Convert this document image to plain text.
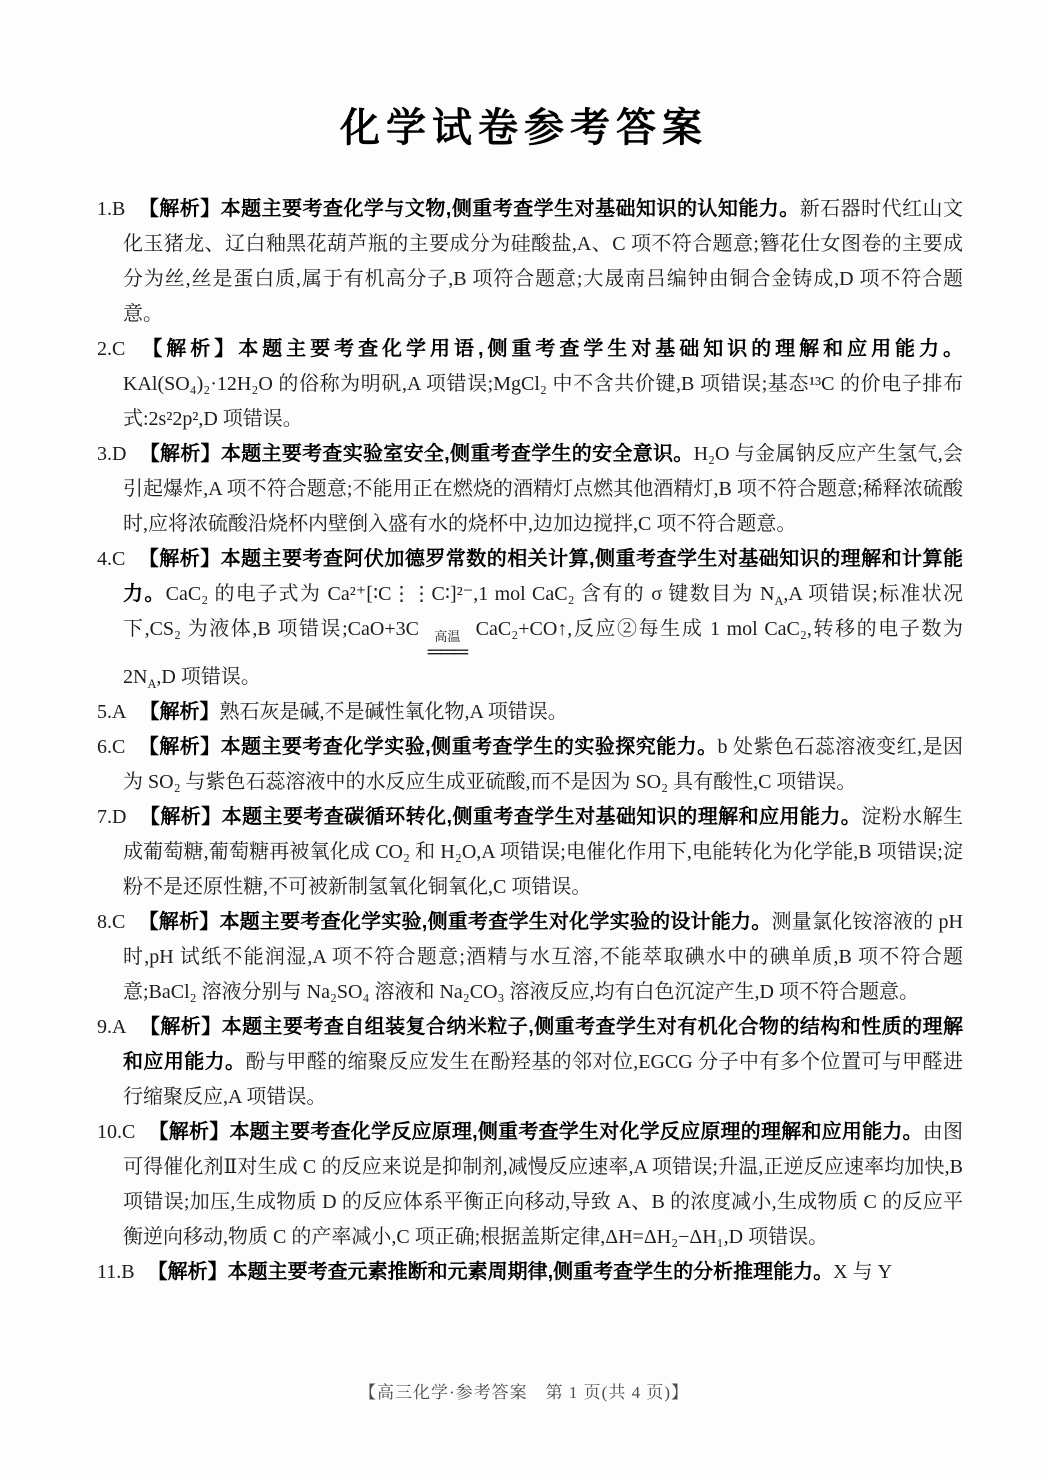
化学试卷参考答案
1.B 【解析】本题主要考查化学与文物,侧重考查学生对基础知识的认知能力。新石器时代红山文化玉猪龙、辽白釉黑花葫芦瓶的主要成分为硅酸盐,A、C 项不符合题意;簪花仕女图卷的主要成分为丝,丝是蛋白质,属于有机高分子,B 项符合题意;大晟南吕编钟由铜合金铸成,D 项不符合题意。
2.C 【解析】本题主要考查化学用语,侧重考查学生对基础知识的理解和应用能力。KAl(SO₄)₂·12H₂O 的俗称为明矾,A 项错误;MgCl₂ 中不含共价键,B 项错误;基态¹³C 的价电子排布式:2s²2p²,D 项错误。
3.D 【解析】本题主要考查实验室安全,侧重考查学生的安全意识。H₂O 与金属钠反应产生氢气,会引起爆炸,A 项不符合题意;不能用正在燃烧的酒精灯点燃其他酒精灯,B 项不符合题意;稀释浓硫酸时,应将浓硫酸沿烧杯内壁倒入盛有水的烧杯中,边加边搅拌,C 项不符合题意。
4.C 【解析】本题主要考查阿伏加德罗常数的相关计算,侧重考查学生对基础知识的理解和计算能力。CaC₂ 的电子式为 Ca²⁺[∶C⋮⋮C∶]²⁻,1 mol CaC₂ 含有的 σ 键数目为 $N_A,A$ 项错误;标准状况下,CS₂ 为液体,B 项错误;CaO+3C 高温
═══
CaC₂+CO↑,反应②每生成 1 mol CaC₂,转移的电子数为 $2N_A,D$ 项错误。
5.A 【解析】熟石灰是碱,不是碱性氧化物,A 项错误。
6.C 【解析】本题主要考查化学实验,侧重考查学生的实验探究能力。b 处紫色石蕊溶液变红,是因为 SO₂ 与紫色石蕊溶液中的水反应生成亚硫酸,而不是因为 SO₂ 具有酸性,C 项错误。
7.D 【解析】本题主要考查碳循环转化,侧重考查学生对基础知识的理解和应用能力。淀粉水解生成葡萄糖,葡萄糖再被氧化成 CO₂ 和 H₂O,A 项错误;电催化作用下,电能转化为化学能,B 项错误;淀粉不是还原性糖,不可被新制氢氧化铜氧化,C 项错误。
8.C 【解析】本题主要考查化学实验,侧重考查学生对化学实验的设计能力。测量氯化铵溶液的 pH 时,pH 试纸不能润湿,A 项不符合题意;酒精与水互溶,不能萃取碘水中的碘单质,B 项不符合题意;BaCl₂ 溶液分别与 Na₂SO₄ 溶液和 Na₂CO₃ 溶液反应,均有白色沉淀产生,D 项不符合题意。
9.A 【解析】本题主要考查自组装复合纳米粒子,侧重考查学生对有机化合物的结构和性质的理解和应用能力。酚与甲醛的缩聚反应发生在酚羟基的邻对位,EGCG 分子中有多个位置可与甲醛进行缩聚反应,A 项错误。
10.C 【解析】本题主要考查化学反应原理,侧重考查学生对化学反应原理的理解和应用能力。由图可得催化剂Ⅱ对生成 C 的反应来说是抑制剂,减慢反应速率,A 项错误;升温,正逆反应速率均加快,B 项错误;加压,生成物质 D 的反应体系平衡正向移动,导致 A、B 的浓度减小,生成物质 C 的反应平衡逆向移动,物质 C 的产率减小,C 项正确;根据盖斯定律,ΔH=ΔH₂−ΔH₁,D 项错误。
11.B 【解析】本题主要考查元素推断和元素周期律,侧重考查学生的分析推理能力。X 与 Y
【高三化学·参考答案　第 1 页(共 4 页)】
